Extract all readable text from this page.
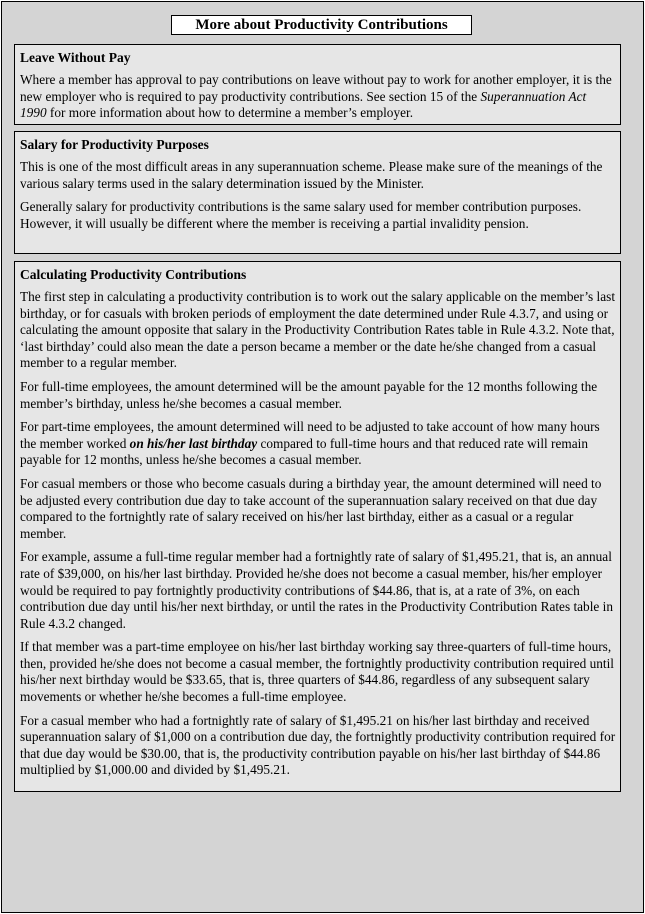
More about Productivity Contributions
Leave Without Pay

Where a member has approval to pay contributions on leave without pay to work for another employer, it is the new employer who is required to pay productivity contributions. See section 15 of the Superannuation Act 1990 for more information about how to determine a member’s employer.

Salary for Productivity Purposes

This is one of the most difficult areas in any superannuation scheme. Please make sure of the meanings of the various salary terms used in the salary determination issued by the Minister.

Generally salary for productivity contributions is the same salary used for member contribution purposes. However, it will usually be different where the member is receiving a partial invalidity pension.

Calculating Productivity Contributions

The first step in calculating a productivity contribution is to work out the salary applicable on the member’s last birthday, or for casuals with broken periods of employment the date determined under Rule 4.3.7, and using or calculating the amount opposite that salary in the Productivity Contribution Rates table in Rule 4.3.2. Note that, ‘last birthday’ could also mean the date a person became a member or the date he/she changed from a casual member to a regular member.

For full-time employees, the amount determined will be the amount payable for the 12 months following the member’s birthday, unless he/she becomes a casual member.

For part-time employees, the amount determined will need to be adjusted to take account of how many hours the member worked on his/her last birthday compared to full-time hours and that reduced rate will remain payable for 12 months, unless he/she becomes a casual member.

For casual members or those who become casuals during a birthday year, the amount determined will need to be adjusted every contribution due day to take account of the superannuation salary received on that due day compared to the fortnightly rate of salary received on his/her last birthday, either as a casual or a regular member.

For example, assume a full-time regular member had a fortnightly rate of salary of $1,495.21, that is, an annual rate of $39,000, on his/her last birthday. Provided he/she does not become a casual member, his/her employer would be required to pay fortnightly productivity contributions of $44.86, that is, at a rate of 3%, on each contribution due day until his/her next birthday, or until the rates in the Productivity Contribution Rates table in Rule 4.3.2 changed.

If that member was a part-time employee on his/her last birthday working say three-quarters of full-time hours, then, provided he/she does not become a casual member, the fortnightly productivity contribution required until his/her next birthday would be $33.65, that is, three quarters of $44.86, regardless of any subsequent salary movements or whether he/she becomes a full-time employee.

For a casual member who had a fortnightly rate of salary of $1,495.21 on his/her last birthday and received superannuation salary of $1,000 on a contribution due day, the fortnightly productivity contribution required for that due day would be $30.00, that is, the productivity contribution payable on his/her last birthday of $44.86 multiplied by $1,000.00 and divided by $1,495.21.
